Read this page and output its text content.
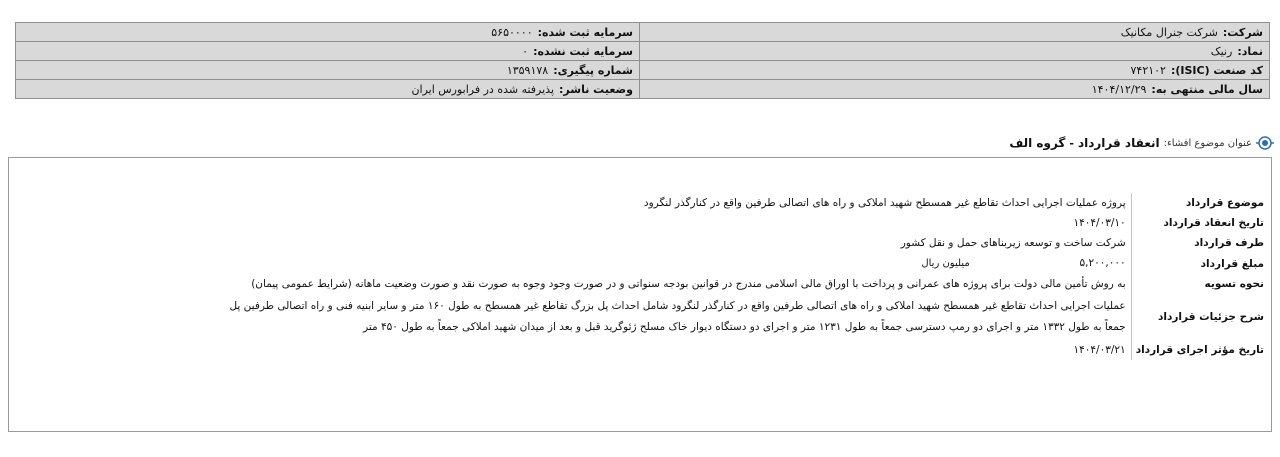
شرکت:شرکت جنرال مکانیک	سرمایه ثبت شده:۵۶۵۰۰۰۰
نماد:رنیک	سرمایه ثبت نشده:۰
کد صنعت (ISIC):۷۴۲۱۰۲	شماره پیگیری:۱۳۵۹۱۷۸
سال مالی منتهی به:۱۴۰۴/۱۲/۲۹	وضعیت ناشر:پذیرفته شده در فرابورس ایران
عنوان موضوع افشاء:
انعقاد قرارداد
-
گروه الف
موضوع قرارداد	پروژه عملیات اجرایی احداث تقاطع غیر همسطح شهید املاکی و راه های اتصالی طرفین واقع در کنارگذر لنگرود
تاریخ انعقاد قرارداد	۱۴۰۴/۰۳/۱۰
طرف قرارداد	شرکت ساخت و توسعه زیربناهای حمل و نقل کشور
مبلغ قرارداد	۵,۲۰۰,۰۰۰میلیون ریال
نحوه تسویه	به روش تأمین مالی دولت برای پروژه های عمرانی و پرداخت با اوراق مالی اسلامی مندرج در قوانین بودجه سنواتی و در صورت وجود وجوه به صورت نقد و صورت وضعیت ماهانه (شرایط عمومی پیمان)
شرح جزئیات قرارداد	عملیات اجرایی احداث تقاطع غیر همسطح شهید املاکی و راه های اتصالی طرفین واقع در کنارگذر لنگرود شامل احداث پل بزرگ تقاطع غیر همسطح به طول ۱۶۰ متر و سایر ابنیه فنی و راه اتصالی طرفین پل جمعاً به طول ۱۳۳۲ متر و اجرای دو رمپ دسترسی جمعاً به طول ۱۲۳۱ متر و اجرای دو دستگاه دیوار خاک مسلح ژئوگرید قبل و بعد از میدان شهید املاکی جمعاً به طول ۴۵۰ متر
تاریخ مؤثر اجرای قرارداد	۱۴۰۴/۰۳/۲۱
